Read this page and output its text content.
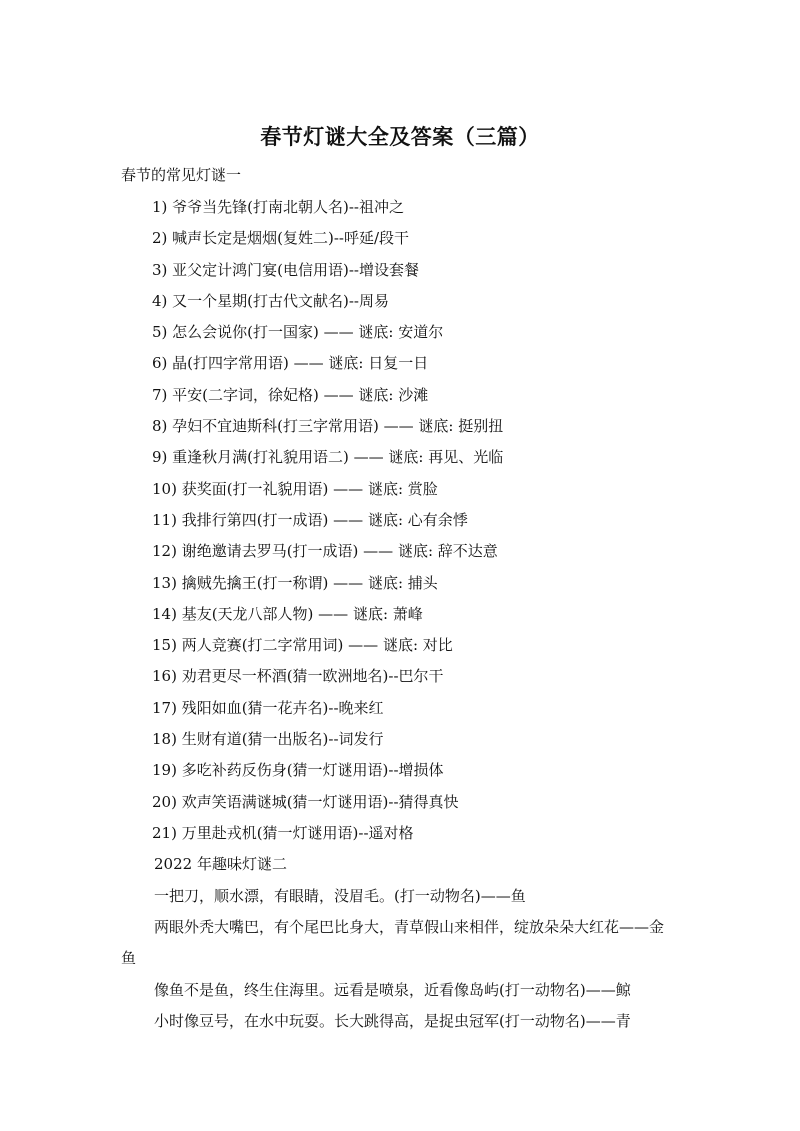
春节灯谜大全及答案（三篇）
春节的常见灯谜一
1) 爷爷当先锋(打南北朝人名)--祖冲之
2) 喊声长定是烟烟(复姓二)--呼延/段干
3) 亚父定计鸿门宴(电信用语)--增设套餐
4) 又一个星期(打古代文献名)--周易
5) 怎么会说你(打一国家) —— 谜底: 安道尔
6) 晶(打四字常用语) —— 谜底: 日复一日
7) 平安(二字词，徐妃格) —— 谜底: 沙滩
8) 孕妇不宜迪斯科(打三字常用语) —— 谜底: 挺别扭
9) 重逢秋月满(打礼貌用语二) —— 谜底: 再见、光临
10) 获奖面(打一礼貌用语) —— 谜底: 赏脸
11) 我排行第四(打一成语) —— 谜底: 心有余悸
12) 谢绝邀请去罗马(打一成语) —— 谜底: 辞不达意
13) 擒贼先擒王(打一称谓) —— 谜底: 捕头
14) 基友(天龙八部人物) —— 谜底: 萧峰
15) 两人竞赛(打二字常用词) —— 谜底: 对比
16) 劝君更尽一杯酒(猜一欧洲地名)--巴尔干
17) 残阳如血(猜一花卉名)--晚来红
18) 生财有道(猜一出版名)--词发行
19) 多吃补药反伤身(猜一灯谜用语)--增损体
20) 欢声笑语满谜城(猜一灯谜用语)--猜得真快
21) 万里赴戎机(猜一灯谜用语)--遥对格
2022 年趣味灯谜二

一把刀，顺水漂，有眼睛，没眉毛。(打一动物名)——鱼

两眼外秃大嘴巴，有个尾巴比身大，青草假山来相伴，绽放朵朵大红花——金鱼

像鱼不是鱼，终生住海里。远看是喷泉，近看像岛屿(打一动物名)——鲸

小时像豆号，在水中玩耍。长大跳得高，是捉虫冠军(打一动物名)——青
